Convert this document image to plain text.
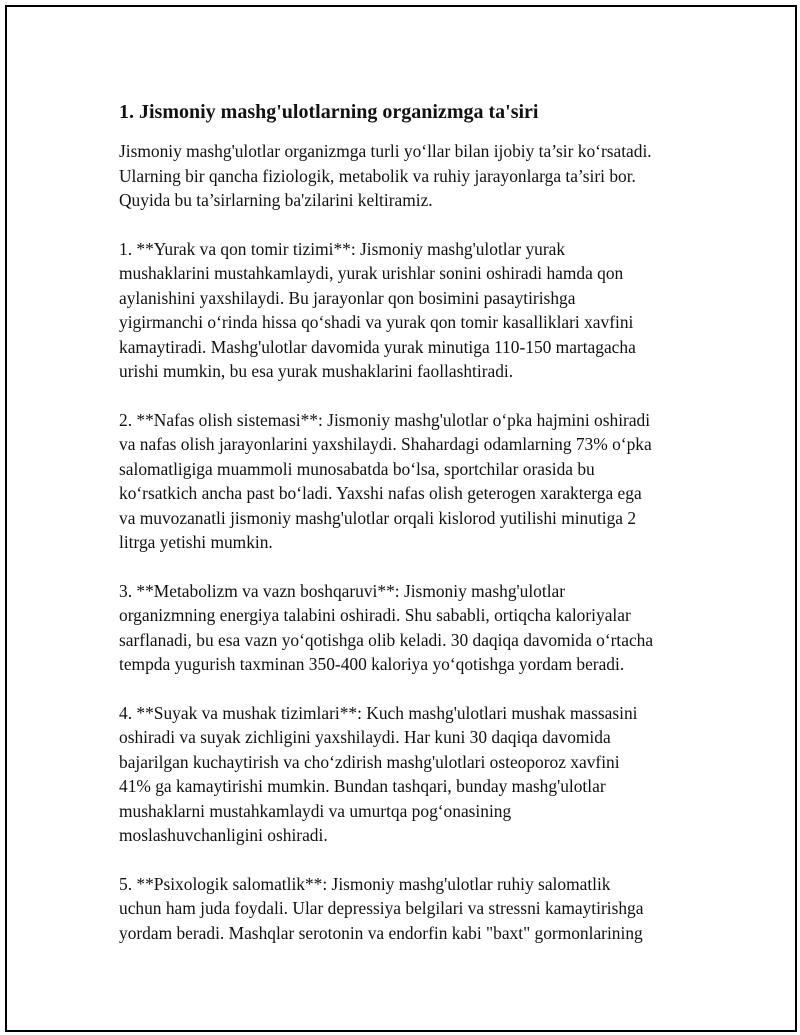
1. Jismoniy mashg'ulotlarning organizmga ta'siri
Jismoniy mashg'ulotlar organizmga turli yo‘llar bilan ijobiy ta’sir ko‘rsatadi.
Ularning bir qancha fiziologik, metabolik va ruhiy jarayonlarga ta’siri bor.
Quyida bu ta’sirlarning ba'zilarini keltiramiz.
1. **Yurak va qon tomir tizimi**: Jismoniy mashg'ulotlar yurak
mushaklarini mustahkamlaydi, yurak urishlar sonini oshiradi hamda qon
aylanishini yaxshilaydi. Bu jarayonlar qon bosimini pasaytirishga
yigirmanchi o‘rinda hissa qo‘shadi va yurak qon tomir kasalliklari xavfini
kamaytiradi. Mashg'ulotlar davomida yurak minutiga 110-150 martagacha
urishi mumkin, bu esa yurak mushaklarini faollashtiradi.
2. **Nafas olish sistemasi**: Jismoniy mashg'ulotlar o‘pka hajmini oshiradi
va nafas olish jarayonlarini yaxshilaydi. Shahardagi odamlarning 73% o‘pka
salomatligiga muammoli munosabatda bo‘lsa, sportchilar orasida bu
ko‘rsatkich ancha past bo‘ladi. Yaxshi nafas olish geterogen xarakterga ega
va muvozanatli jismoniy mashg'ulotlar orqali kislorod yutilishi minutiga 2
litrga yetishi mumkin.
3. **Metabolizm va vazn boshqaruvi**: Jismoniy mashg'ulotlar
organizmning energiya talabini oshiradi. Shu sababli, ortiqcha kaloriyalar
sarflanadi, bu esa vazn yo‘qotishga olib keladi. 30 daqiqa davomida o‘rtacha
tempda yugurish taxminan 350-400 kaloriya yo‘qotishga yordam beradi.
4. **Suyak va mushak tizimlari**: Kuch mashg'ulotlari mushak massasini
oshiradi va suyak zichligini yaxshilaydi. Har kuni 30 daqiqa davomida
bajarilgan kuchaytirish va cho‘zdirish mashg'ulotlari osteoporoz xavfini
41% ga kamaytirishi mumkin. Bundan tashqari, bunday mashg'ulotlar
mushaklarni mustahkamlaydi va umurtqa pog‘onasining
moslashuvchanligini oshiradi.
5. **Psixologik salomatlik**: Jismoniy mashg'ulotlar ruhiy salomatlik
uchun ham juda foydali. Ular depressiya belgilari va stressni kamaytirishga
yordam beradi. Mashqlar serotonin va endorfin kabi "baxt" gormonlarining
